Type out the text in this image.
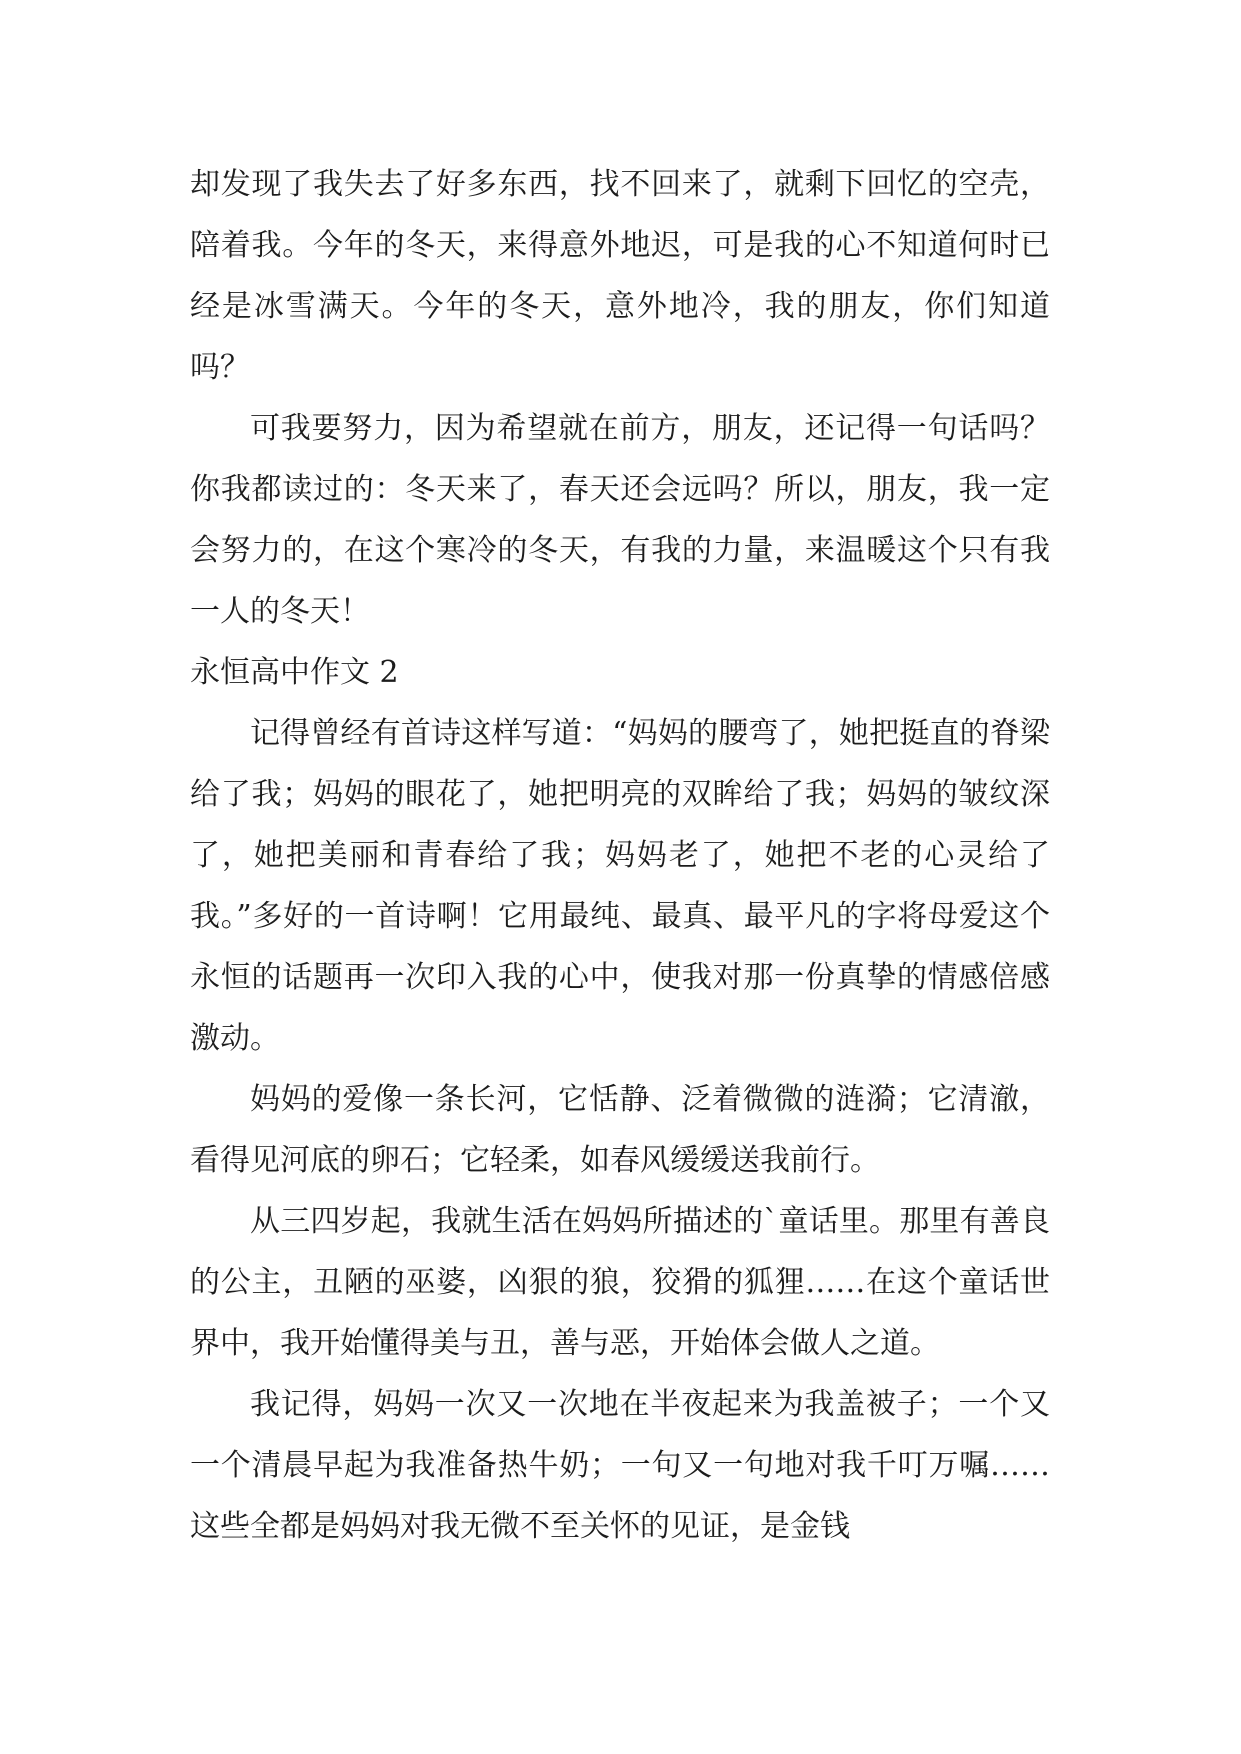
却发现了我失去了好多东西，找不回来了，就剩下回忆的空壳，陪着我。今年的冬天，来得意外地迟，可是我的心不知道何时已经是冰雪满天。今年的冬天，意外地冷，我的朋友，你们知道吗？

可我要努力，因为希望就在前方，朋友，还记得一句话吗？你我都读过的：冬天来了，春天还会远吗？所以，朋友，我一定会努力的，在这个寒冷的冬天，有我的力量，来温暖这个只有我一人的冬天！

永恒高中作文 2

记得曾经有首诗这样写道：“妈妈的腰弯了，她把挺直的脊梁给了我；妈妈的眼花了，她把明亮的双眸给了我；妈妈的皱纹深了，她把美丽和青春给了我；妈妈老了，她把不老的心灵给了我。”多好的一首诗啊！它用最纯、最真、最平凡的字将母爱这个永恒的话题再一次印入我的心中，使我对那一份真挚的情感倍感激动。

妈妈的爱像一条长河，它恬静、泛着微微的涟漪；它清澈，看得见河底的卵石；它轻柔，如春风缓缓送我前行。

从三四岁起，我就生活在妈妈所描述的`童话里。那里有善良的公主，丑陋的巫婆，凶狠的狼，狡猾的狐狸……在这个童话世界中，我开始懂得美与丑，善与恶，开始体会做人之道。

我记得，妈妈一次又一次地在半夜起来为我盖被子；一个又一个清晨早起为我准备热牛奶；一句又一句地对我千叮万嘱……这些全都是妈妈对我无微不至关怀的见证，是金钱
